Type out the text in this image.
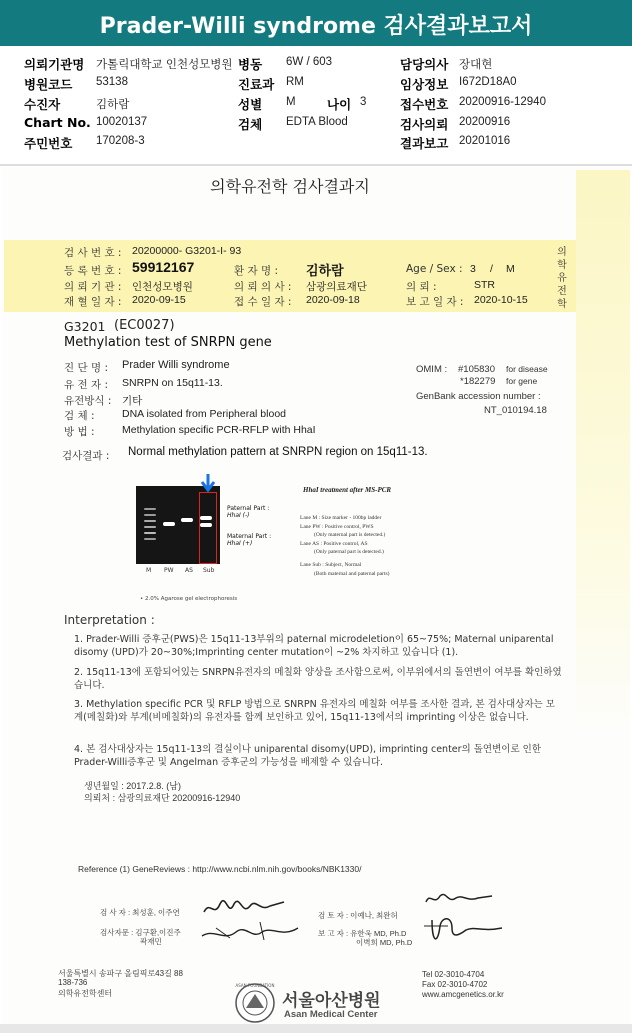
Prader-Willi syndrome 검사결과보고서
의뢰기관명 가톨릭대학교 인천성모병원 병동 6W / 603	담당의사 장대현
병원코드 53138	진료과 RM	임상정보 I672D18A0
수진자	김하람	성별 M	나이 3	접수번호 20200916-12940
Chart No. 10020137	검체 EDTA Blood	검사의뢰 20200916
주민번호 170208-3	결과보고 20201016
의학유전학 검사결과지
의학유전학
검 사 번 호 : 20200000- G3201-I- 93
등 록 번 호 : 59912167	환 자 명 : 김하람	Age / Sex : 3 / M
의 뢰 기 관 : 인천성모병원	의 뢰 의 사 : 삼광의료재단	의 뢰 :	STR
재 혈 일 자 : 2020-09-15	접 수 일 자 : 2020-09-18	보 고 일 자 : 2020-10-15
G3201 (EC0027)
Methylation test of SNRPN gene
진 단 명 : Prader Willi syndrome
유 전 자 : SNRPN on 15q11-13.
유전방식 : 기타
검 체 :	DNA isolated from Peripheral blood
방 법 :	Methylation specific PCR-RFLP with HhaI
OMIM : #105830 for disease
*182279 for gene
GenBank accession number :
NT_010194.18
검사결과 : Normal methylation pattern at SNRPN region on 15q11-13.
M PW AS Sub
Paternal Part :
HhaI (-)
Maternal Part :
HhaI (+)
• 2.0% Agarose gel electrophoresis
HhaI treatment after MS-PCR
Lane M : Size marker - 100bp ladder
Lane PW : Positive control, PWS
(Only maternal part is detected.)
Lane AS : Positive control, AS
(Only paternal part is detected.)
Lane Sub : Subject, Normal
(Both maternal and paternal parts)
Interpretation :
1. Prader-Willi 증후군(PWS)은 15q11-13부위의 paternal microdeletion이 65~75%; Maternal uniparental disomy (UPD)가 20~30%;Imprinting center mutation이 ~2% 차지하고 있습니다 (1).
2. 15q11-13에 포함되어있는 SNRPN유전자의 메칠화 양상을 조사함으로써, 이부위에서의 돌연변이 여부를 확인하였습니다.
3. Methylation specific PCR 및 RFLP 방법으로 SNRPN 유전자의 메칠화 여부를 조사한 결과, 본 검사대상자는 모계(메칠화)와 부계(비메칠화)의 유전자를 함께 보인하고 있어, 15q11-13에서의 imprinting 이상은 없습니다.
4. 본 검사대상자는 15q11-13의 결실이나 uniparental disomy(UPD), imprinting center의 돌연변이로 인한 Prader-Willi증후군 및 Angelman 증후군의 가능성을 배제할 수 있습니다.
생년월일 : 2017.2.8. (남)
의뢰처 : 삼광의료재단 20200916-12940
Reference (1) GeneReviews : http://www.ncbi.nlm.nih.gov/books/NBK1330/
검 사 자 : 최성훈, 이주연
검사자문 : 김구환,이진주
곽재민
검 토 자 : 이예나, 최완허
보 고 자 : 유한욱 MD, Ph.D
이벽희 MD, Ph.D
서울특별시 송파구 올림픽로43길 88
138-736
의학유전학센터
ASAN FOUNDATION
서울아산병원
Asan Medical Center
Tel 02-3010-4704
Fax 02-3010-4702
www.amcgenetics.or.kr
